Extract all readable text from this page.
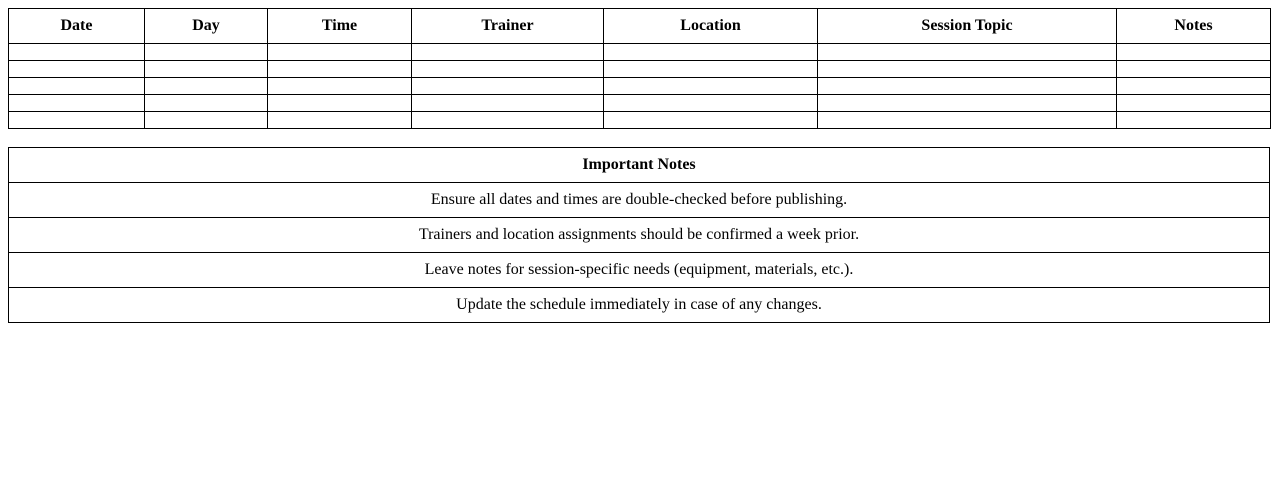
Date	Day	Time	Trainer	Location	Session Topic	Notes

Important Notes
Ensure all dates and times are double-checked before publishing.
Trainers and location assignments should be confirmed a week prior.
Leave notes for session-specific needs (equipment, materials, etc.).
Update the schedule immediately in case of any changes.
